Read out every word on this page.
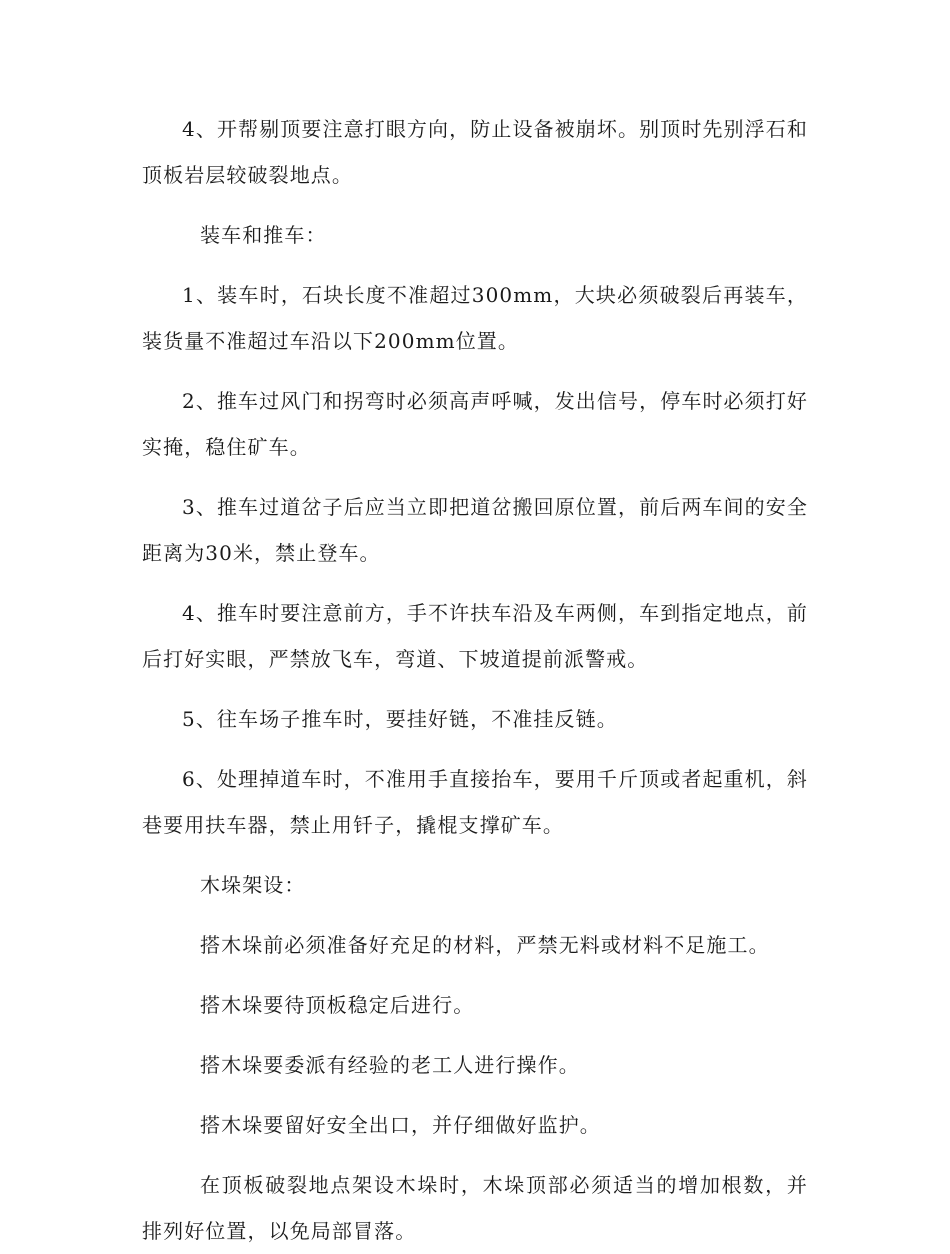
4、开帮剔顶要注意打眼方向，防止设备被崩坏。别顶时先别浮石和顶板岩层较破裂地点。

装车和推车：

1、装车时，石块长度不准超过300mm，大块必须破裂后再装车，装货量不准超过车沿以下200mm位置。

2、推车过风门和拐弯时必须高声呼喊，发出信号，停车时必须打好实掩，稳住矿车。

3、推车过道岔子后应当立即把道岔搬回原位置，前后两车间的安全距离为30米，禁止登车。

4、推车时要注意前方，手不许扶车沿及车两侧，车到指定地点，前后打好实眼，严禁放飞车，弯道、下坡道提前派警戒。

5、往车场子推车时，要挂好链，不准挂反链。

6、处理掉道车时，不准用手直接抬车，要用千斤顶或者起重机，斜巷要用扶车器，禁止用钎子，撬棍支撑矿车。

木垛架设：

搭木垛前必须准备好充足的材料，严禁无料或材料不足施工。

搭木垛要待顶板稳定后进行。

搭木垛要委派有经验的老工人进行操作。

搭木垛要留好安全出口，并仔细做好监护。

在顶板破裂地点架设木垛时，木垛顶部必须适当的增加根数，并排列好位置，以免局部冒落。
